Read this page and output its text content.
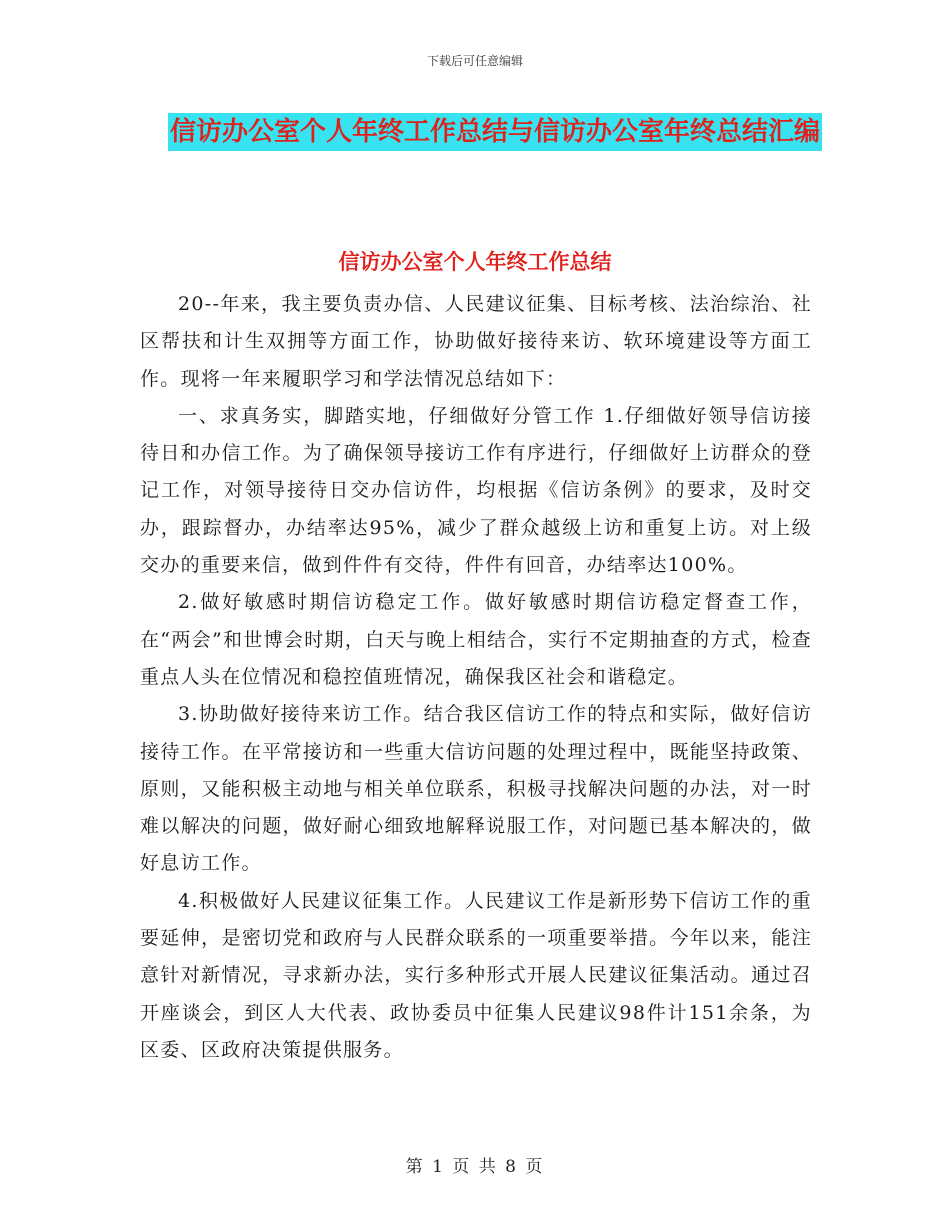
下载后可任意编辑
信访办公室个人年终工作总结与信访办公室年终总结汇编
信访办公室个人年终工作总结

20--年来，我主要负责办信、人民建议征集、目标考核、法治综治、社区帮扶和计生双拥等方面工作，协助做好接待来访、软环境建设等方面工作。现将一年来履职学习和学法情况总结如下：

一、求真务实，脚踏实地，仔细做好分管工作 1.仔细做好领导信访接待日和办信工作。为了确保领导接访工作有序进行，仔细做好上访群众的登记工作，对领导接待日交办信访件，均根据《信访条例》的要求，及时交办，跟踪督办，办结率达95%，减少了群众越级上访和重复上访。对上级交办的重要来信，做到件件有交待，件件有回音，办结率达100%。

2.做好敏感时期信访稳定工作。做好敏感时期信访稳定督查工作，在“两会”和世博会时期，白天与晚上相结合，实行不定期抽查的方式，检查重点人头在位情况和稳控值班情况，确保我区社会和谐稳定。

3.协助做好接待来访工作。结合我区信访工作的特点和实际，做好信访接待工作。在平常接访和一些重大信访问题的处理过程中，既能坚持政策、原则，又能积极主动地与相关单位联系，积极寻找解决问题的办法，对一时难以解决的问题，做好耐心细致地解释说服工作，对问题已基本解决的，做好息访工作。

4.积极做好人民建议征集工作。人民建议工作是新形势下信访工作的重要延伸，是密切党和政府与人民群众联系的一项重要举措。今年以来，能注意针对新情况，寻求新办法，实行多种形式开展人民建议征集活动。通过召开座谈会，到区人大代表、政协委员中征集人民建议98件计151余条，为区委、区政府决策提供服务。

第 1 页 共 8 页
